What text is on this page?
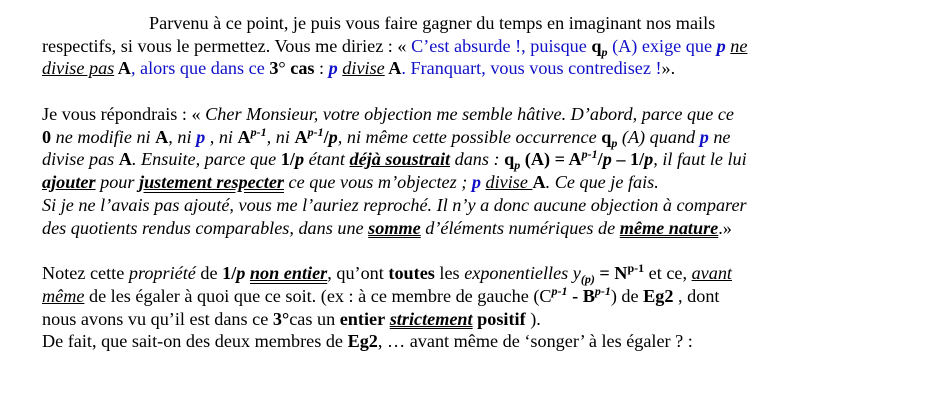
Parvenu à ce point, je puis vous faire gagner du temps en imaginant nos mails
respectifs, si vous le permettez. Vous me diriez : « C’est absurde !, puisque $q_p$ (A) exige que p ne
divise pas A, alors que dans ce 3° cas : p divise A. Franquart, vous vous contredisez !».
Je vous répondrais : « Cher Monsieur, votre objection me semble hâtive. D’abord, parce que ce
0 ne modifie ni A, ni p , ni $A^{p-1}$, ni $A^{p-1}/p$, ni même cette possible occurrence $q_p$ (A) quand p ne
divise pas A. Ensuite, parce que 1/p étant déjà soustrait dans : $q_p$ $(A) = A^{p-1}/p - 1/p$, il faut le lui
ajouter pour justement respecter ce que vous m’objectez ; p divise A. Ce que je fais.
Si je ne l’avais pas ajouté, vous me l’auriez reproché. Il n’y a donc aucune objection à comparer
des quotients rendus comparables, dans une somme d’éléments numériques de même nature.»
Notez cette propriété de 1/p non entier, qu’ont toutes les exponentielles $y_{(p)} = N^{p-1}$ et ce, avant
même de les égaler à quoi que ce soit. (ex : à ce membre de gauche $(C^{p-1} - B^{p-1})$ de Eg2 , dont
nous avons vu qu’il est dans ce 3°cas un entier strictement positif ).
De fait, que sait-on des deux membres de Eg2, … avant même de ‘songer’ à les égaler ? :
